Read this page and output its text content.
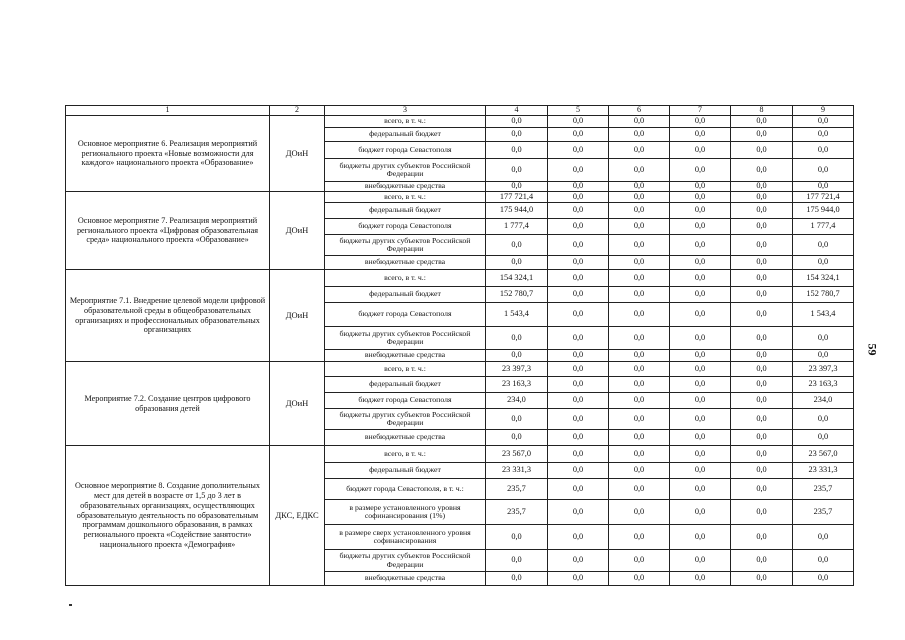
1	2	3	4	5	6	7	8	9
Основное мероприятие 6. Реализация мероприятий регионального проекта «Новые возможности для каждого» национального проекта «Образование»	ДОиН	всего, в т. ч.:	0,0	0,0	0,0	0,0	0,0	0,0
		федеральный бюджет	0,0	0,0	0,0	0,0	0,0	0,0
		бюджет города Севастополя	0,0	0,0	0,0	0,0	0,0	0,0
		бюджеты других субъектов Российской Федерации	0,0	0,0	0,0	0,0	0,0	0,0
		внебюджетные средства	0,0	0,0	0,0	0,0	0,0	0,0
Основное мероприятие 7. Реализация мероприятий регионального проекта «Цифровая образовательная среда» национального проекта «Образование»	ДОиН	всего, в т. ч.:	177 721,4	0,0	0,0	0,0	0,0	177 721,4
		федеральный бюджет	175 944,0	0,0	0,0	0,0	0,0	175 944,0
		бюджет города Севастополя	1 777,4	0,0	0,0	0,0	0,0	1 777,4
		бюджеты других субъектов Российской Федерации	0,0	0,0	0,0	0,0	0,0	0,0
		внебюджетные средства	0,0	0,0	0,0	0,0	0,0	0,0
Мероприятие 7.1. Внедрение целевой модели цифровой образовательной среды в общеобразовательных организациях и профессиональных образовательных организациях	ДОиН	всего, в т. ч.:	154 324,1	0,0	0,0	0,0	0,0	154 324,1
		федеральный бюджет	152 780,7	0,0	0,0	0,0	0,0	152 780,7
		бюджет города Севастополя	1 543,4	0,0	0,0	0,0	0,0	1 543,4
		бюджеты других субъектов Российской Федерации	0,0	0,0	0,0	0,0	0,0	0,0
		внебюджетные средства	0,0	0,0	0,0	0,0	0,0	0,0
Мероприятие 7.2. Создание центров цифрового образования детей	ДОиН	всего, в т. ч.:	23 397,3	0,0	0,0	0,0	0,0	23 397,3
		федеральный бюджет	23 163,3	0,0	0,0	0,0	0,0	23 163,3
		бюджет города Севастополя	234,0	0,0	0,0	0,0	0,0	234,0
		бюджеты других субъектов Российской Федерации	0,0	0,0	0,0	0,0	0,0	0,0
		внебюджетные средства	0,0	0,0	0,0	0,0	0,0	0,0
Основное мероприятие 8. Создание дополнительных мест для детей в возрасте от 1,5 до 3 лет в образовательных организациях, осуществляющих образовательную деятельность по образовательным программам дошкольного образования, в рамках регионального проекта «Содействие занятости» национального проекта «Демография»	ДКС, ЕДКС	всего, в т. ч.:	23 567,0	0,0	0,0	0,0	0,0	23 567,0
		федеральный бюджет	23 331,3	0,0	0,0	0,0	0,0	23 331,3
		бюджет города Севастополя, в т. ч.:	235,7	0,0	0,0	0,0	0,0	235,7
		в размере установленного уровня софинансирования (1%)	235,7	0,0	0,0	0,0	0,0	235,7
		в размере сверх установленного уровня софинансирования	0,0	0,0	0,0	0,0	0,0	0,0
		бюджеты других субъектов Российской Федерации	0,0	0,0	0,0	0,0	0,0	0,0
		внебюджетные средства	0,0	0,0	0,0	0,0	0,0	0,0
59
